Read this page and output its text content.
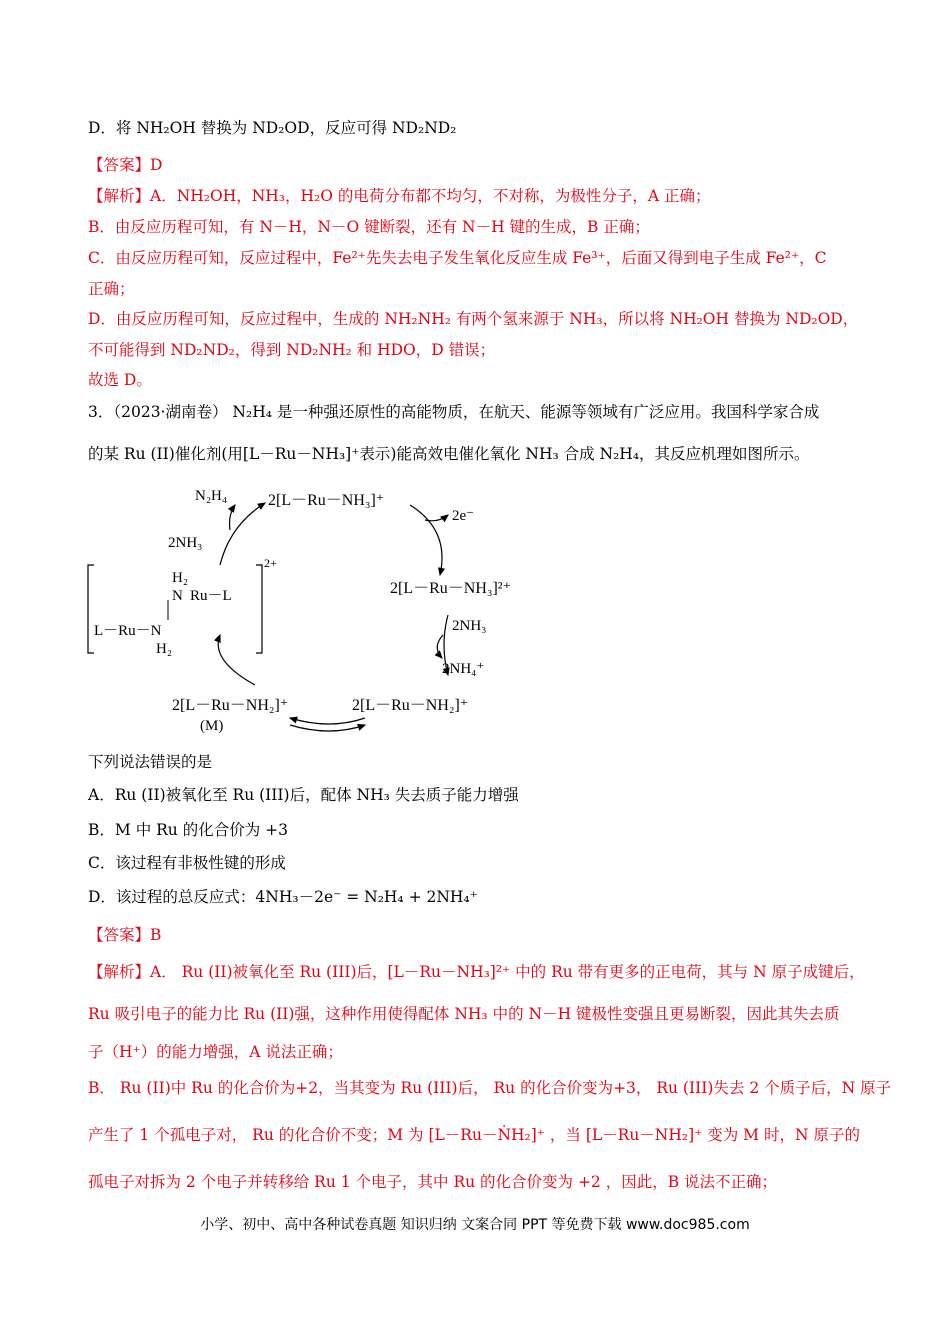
D．将 NH₂OH 替换为 ND₂OD，反应可得 ND₂ND₂
【答案】D
【解析】A．NH₂OH，NH₃，H₂O 的电荷分布都不均匀，不对称，为极性分子，A 正确；
B．由反应历程可知，有 N－H，N－O 键断裂，还有 N－H 键的生成，B 正确；
C．由反应历程可知，反应过程中，Fe²⁺先失去电子发生氧化反应生成 Fe³⁺，后面又得到电子生成 Fe²⁺，C
正确；
D．由反应历程可知，反应过程中，生成的 NH₂NH₂ 有两个氢来源于 NH₃，所以将 NH₂OH 替换为 ND₂OD，
不可能得到 ND₂ND₂，得到 ND₂NH₂ 和 HDO，D 错误；
故选 D。
3．（2023·湖南卷） N₂H₄ 是一种强还原性的高能物质，在航天、能源等领域有广泛应用。我国科学家合成
的某 Ru (II)催化剂(用[L－Ru－NH₃]⁺表示)能高效电催化氧化 NH₃ 合成 N₂H₄，其反应机理如图所示。
2[L－Ru－NH₃]⁺
2[L－Ru－NH₃]²⁺
2[L－Ru－NH₂]⁺
2[L－Ru－NH₂]⁺
(M)
2e⁻
2NH₃
2NH₄⁺
N₂H₄
2NH₃
H₂
N Ru－L
L－Ru－N
H₂
2+
下列说法错误的是
A．Ru (II)被氧化至 Ru (III)后，配体 NH₃ 失去质子能力增强
B．M 中 Ru 的化合价为 +3
C．该过程有非极性键的形成
D．该过程的总反应式：4NH₃－2e⁻ = N₂H₄ + 2NH₄⁺
【答案】B
【解析】A． Ru (II)被氧化至 Ru (III)后，[L－Ru－NH₃]²⁺ 中的 Ru 带有更多的正电荷，其与 N 原子成键后，
Ru 吸引电子的能力比 Ru (II)强，这种作用使得配体 NH₃ 中的 N－H 键极性变强且更易断裂，因此其失去质
子（H⁺）的能力增强，A 说法正确；
B． Ru (II)中 Ru 的化合价为+2，当其变为 Ru (III)后， Ru 的化合价变为+3， Ru (III)失去 2 个质子后，N 原子
产生了 1 个孤电子对， Ru 的化合价不变；M 为 [L－Ru－ṄH₂]⁺ ，当 [L－Ru－NH₂]⁺ 变为 M 时，N 原子的
孤电子对拆为 2 个电子并转移给 Ru 1 个电子，其中 Ru 的化合价变为 +2 ，因此，B 说法不正确；
小学、初中、高中各种试卷真题 知识归纳 文案合同 PPT 等免费下载 www.doc985.com
